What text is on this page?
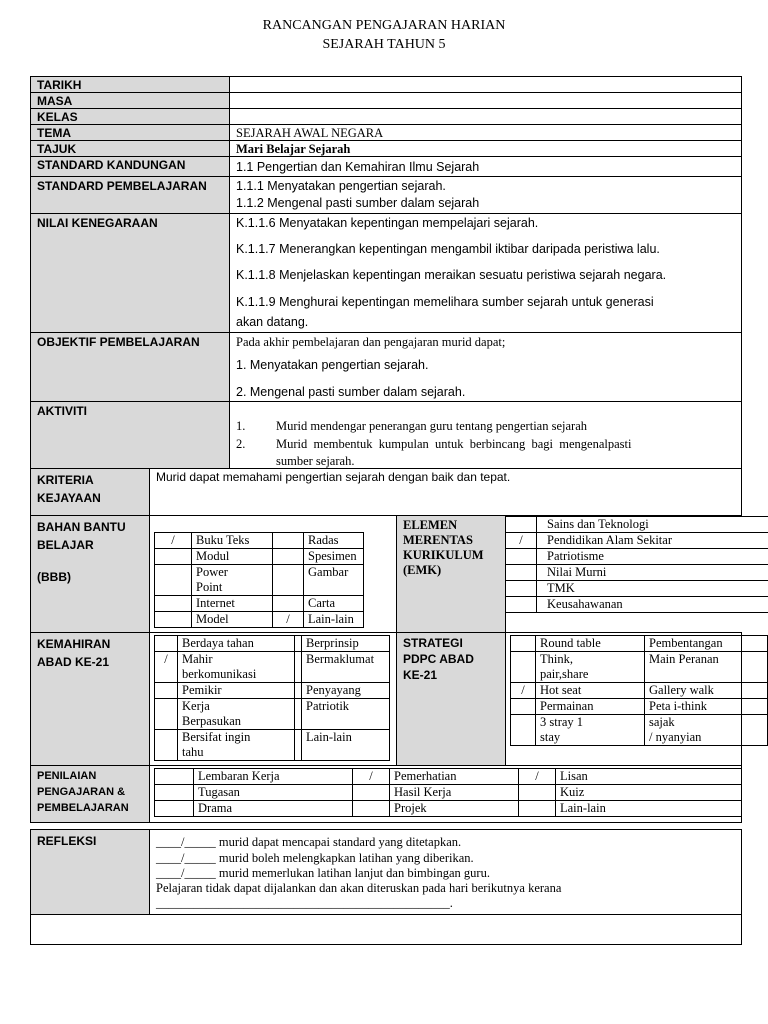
RANCANGAN PENGAJARAN HARIAN
SEJARAH TAHUN 5
TARIKH
MASA
KELAS
TEMA	SEJARAH AWAL NEGARA
TAJUK	Mari Belajar Sejarah
STANDARD KANDUNGAN	1.1 Pengertian dan Kemahiran Ilmu Sejarah
STANDARD PEMBELAJARAN	1.1.1 Menyatakan pengertian sejarah.
1.1.2 Mengenal pasti sumber dalam sejarah
NILAI KENEGARAAN	K.1.1.6 Menyatakan kepentingan mempelajari sejarah.
K.1.1.7 Menerangkan kepentingan mengambil iktibar daripada peristiwa lalu.
K.1.1.8 Menjelaskan kepentingan meraikan sesuatu peristiwa sejarah negara.
K.1.1.9 Menghurai kepentingan memelihara sumber sejarah untuk generasi
akan datang.
OBJEKTIF PEMBELAJARAN	Pada akhir pembelajaran dan pengajaran murid dapat;
1. Menyatakan pengertian sejarah.
2. Mengenal pasti sumber dalam sejarah.
AKTIVITI
1. Murid mendengar penerangan guru tentang pengertian sejarah
2. Murid  membentuk  kumpulan  untuk  berbincang  bagi  mengenalpasti
sumber sejarah.
KRITERIA
KEJAYAAN
Murid dapat memahami pengertian sejarah dengan baik dan tepat.
BAHAN BANTU
BELAJAR
(BBB)
/	Buku Teks		Radas
	Modul		Spesimen
	Power		Gambar
	Point		
	Internet		Carta
	Model	/	Lain-lain
ELEMEN
MERENTAS
KURIKULUM
(EMK)
	Sains dan Teknologi
/	Pendidikan Alam Sekitar
	Patriotisme
	Nilai Murni
	TMK
	Keusahawanan
KEMAHIRAN
ABAD KE-21
	Berdaya tahan		Berprinsip
/	Mahir		Bermaklumat
	berkomunikasi		
	Pemikir		Penyayang
	Kerja		Patriotik
	Berpasukan		
	Bersifat ingin		Lain-lain
	tahu		
STRATEGI
PDPC ABAD
KE-21
	Round table	Pembentangan
	Think,	Main Peranan
	pair,share	
/	Hot seat	Gallery walk
	Permainan	Peta i-think
	3 stray 1	sajak
	stay	/ nyanyian
PENILAIAN
PENGAJARAN &
PEMBELAJARAN
	Lembaran Kerja	/	Pemerhatian	/	Lisan
	Tugasan		Hasil Kerja		Kuiz
	Drama		Projek		Lain-lain
REFLEKSI	____/_____ murid dapat mencapai standard yang ditetapkan.
____/_____ murid boleh melengkapkan latihan yang diberikan.
____/_____ murid memerlukan latihan lanjut dan bimbingan guru.
Pelajaran tidak dapat dijalankan dan akan diteruskan pada hari berikutnya kerana
_______________________________________________.
